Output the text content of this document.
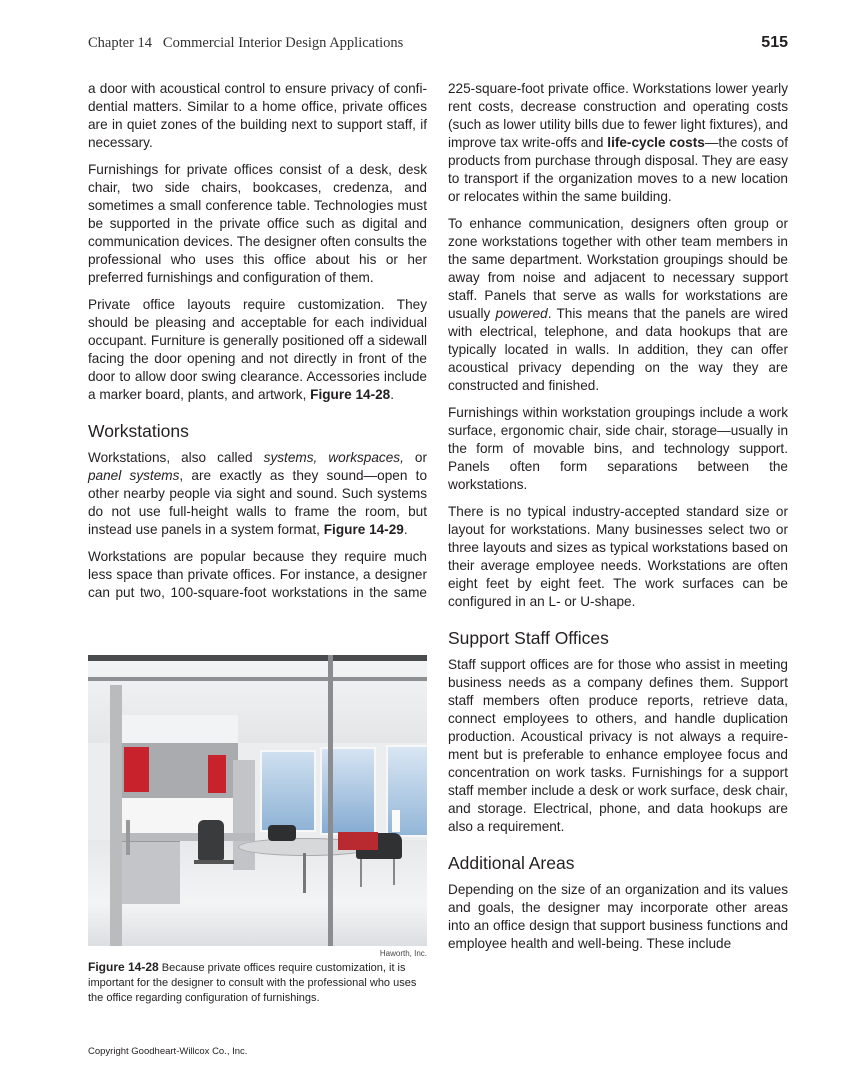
Chapter 14   Commercial Interior Design Applications	515

a door with acoustical control to ensure privacy of confidential matters. Similar to a home office, private offices are in quiet zones of the building next to support staff, if necessary.

Furnishings for private offices consist of a desk, desk chair, two side chairs, bookcases, credenza, and sometimes a small conference table. Technologies must be supported in the private office such as digital and communication devices. The designer often consults the professional who uses this office about his or her preferred furnishings and configuration of them.

Private office layouts require customization. They should be pleasing and acceptable for each individual occupant. Furniture is generally positioned off a sidewall facing the door opening and not directly in front of the door to allow door swing clearance. Accessories include a marker board, plants, and artwork, Figure 14-28.

Workstations

Workstations, also called systems, workspaces, or panel systems, are exactly as they sound—open to other nearby people via sight and sound. Such systems do not use full-height walls to frame the room, but instead use panels in a system format, Figure 14-29.

Workstations are popular because they require much less space than private offices. For instance, a designer can put two, 100-square-foot workstations in the same

225-square-foot private office. Workstations lower yearly rent costs, decrease construction and operating costs (such as lower utility bills due to fewer light fixtures), and improve tax write-offs and life-cycle costs—the costs of products from purchase through disposal. They are easy to transport if the organization moves to a new location or relocates within the same building.

To enhance communication, designers often group or zone workstations together with other team members in the same department. Workstation groupings should be away from noise and adjacent to necessary support staff. Panels that serve as walls for workstations are usually powered. This means that the panels are wired with electrical, telephone, and data hookups that are typically located in walls. In addition, they can offer acoustical privacy depending on the way they are constructed and finished.

Furnishings within workstation groupings include a work surface, ergonomic chair, side chair, storage—usually in the form of movable bins, and technology support. Panels often form separations between the workstations.

There is no typical industry-accepted standard size or layout for workstations. Many businesses select two or three layouts and sizes as typical workstations based on their average employee needs. Workstations are often eight feet by eight feet. The work surfaces can be configured in an L- or U-shape.

Support Staff Offices

Staff support offices are for those who assist in meeting business needs as a company defines them. Support staff members often produce reports, retrieve data, connect employees to others, and handle duplication production. Acoustical privacy is not always a requirement but is preferable to enhance employee focus and concentration on work tasks. Furnishings for a support staff member include a desk or work surface, desk chair, and storage. Electrical, phone, and data hookups are also a requirement.

Additional Areas

Depending on the size of an organization and its values and goals, the designer may incorporate other areas into an office design that support business functions and employee health and well-being. These include

Haworth, Inc.
Figure 14-28 Because private offices require customization, it is important for the designer to consult with the professional who uses the office regarding configuration of furnishings.
Copyright Goodheart-Willcox Co., Inc.
